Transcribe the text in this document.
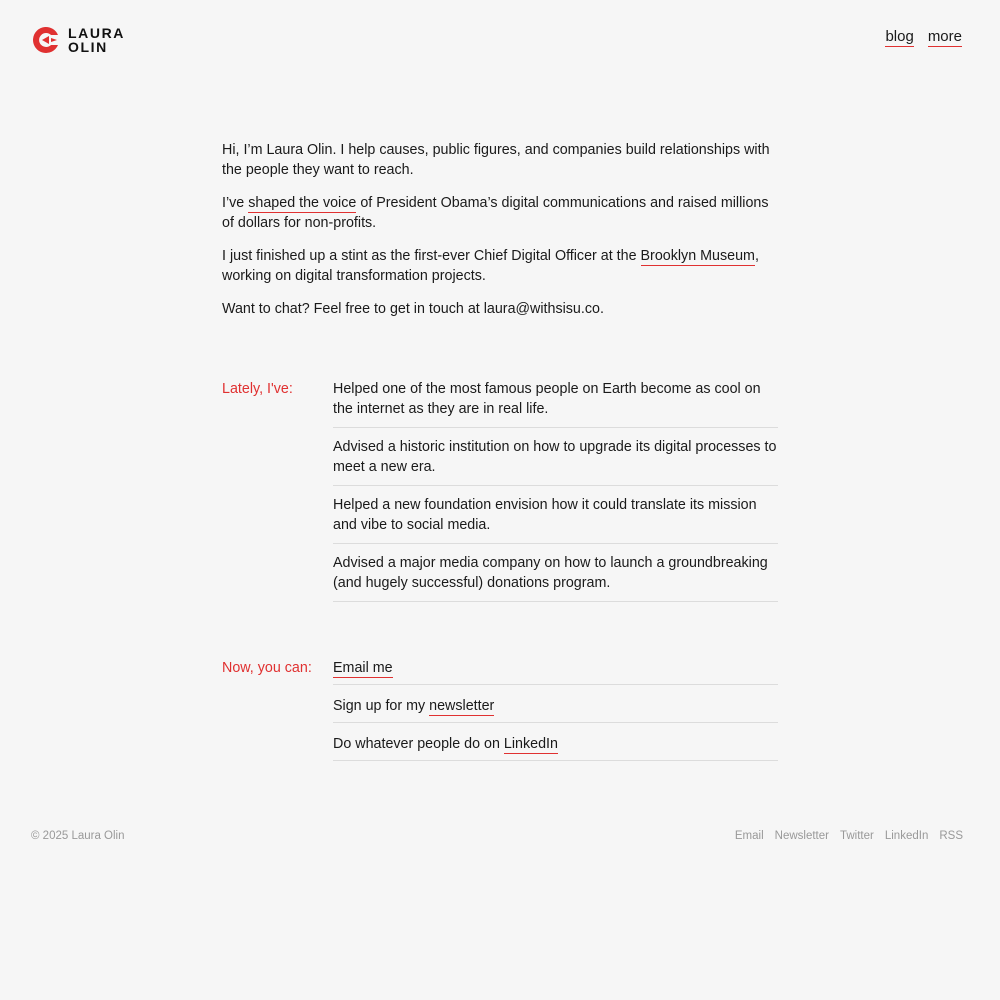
LAURA
OLIN
blog more

Hi, I’m Laura Olin. I help causes, public figures, and companies build relationships with the people they want to reach.

I’ve shaped the voice of President Obama’s digital communications and raised millions of dollars for non-profits.

I just finished up a stint as the first-ever Chief Digital Officer at the Brooklyn Museum, working on digital transformation projects.

Want to chat? Feel free to get in touch at laura@withsisu.co.

Lately, I've:	Helped one of the most famous people on Earth become as cool on the internet as they are in real life.
Advised a historic institution on how to upgrade its digital processes to meet a new era.
Helped a new foundation envision how it could translate its mission and vibe to social media.
Advised a major media company on how to launch a groundbreaking (and hugely successful) donations program.
Now, you can:	Email me
Sign up for my newsletter
Do whatever people do on LinkedIn
© 2025 Laura Olin	Email Newsletter Twitter LinkedIn RSS
